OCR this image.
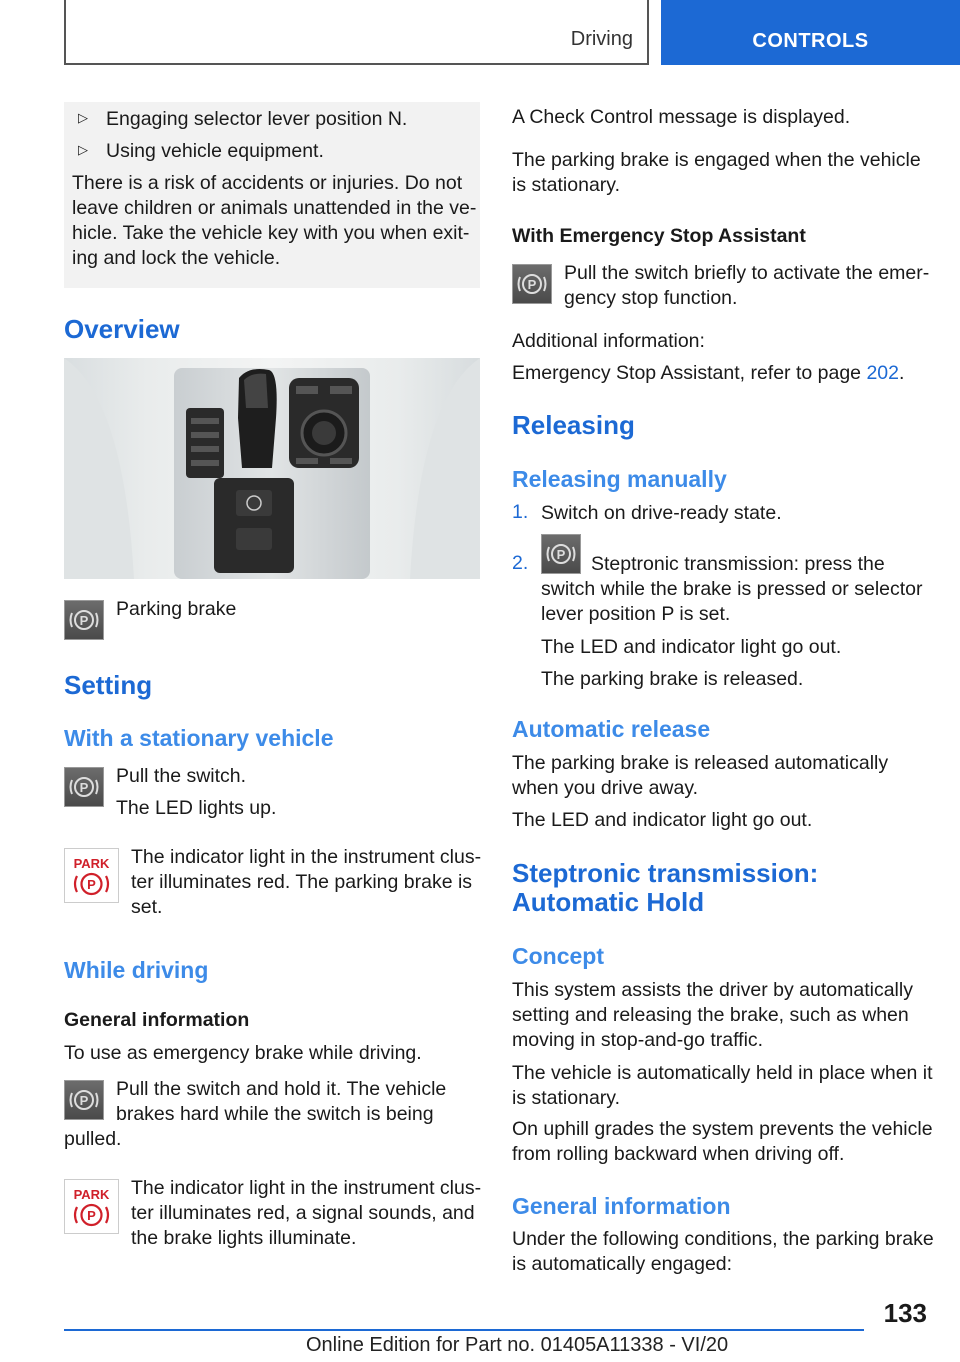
Driving	CONTROLS
▷ Engaging selector lever position N.
▷ Using vehicle equipment.
There is a risk of accidents or injuries. Do not
leave children or animals unattended in the ve-
hicle. Take the vehicle key with you when exit-
ing and lock the vehicle.
Overview
P
Parking brake
Setting
With a stationary vehicle
P
Pull the switch.
The LED lights up.
PARK
P
The indicator light in the instrument clus-
ter illuminates red. The parking brake is
set.
While driving
General information
To use as emergency brake while driving.
P
Pull the switch and hold it. The vehicle
brakes hard while the switch is being
pulled.
PARK
P
The indicator light in the instrument clus-
ter illuminates red, a signal sounds, and
the brake lights illuminate.
A Check Control message is displayed.
The parking brake is engaged when the vehicle
is stationary.
With Emergency Stop Assistant
P
Pull the switch briefly to activate the emer-
gency stop function.
Additional information:
Emergency Stop Assistant, refer to page 202.
Releasing
Releasing manually
1. Switch on drive-ready state.
2. P Steptronic transmission: press the
switch while the brake is pressed or selector
lever position P is set.
The LED and indicator light go out.
The parking brake is released.
Automatic release
The parking brake is released automatically
when you drive away.
The LED and indicator light go out.
Steptronic transmission:
Automatic Hold
Concept
This system assists the driver by automatically
setting and releasing the brake, such as when
moving in stop-and-go traffic.
The vehicle is automatically held in place when it
is stationary.
On uphill grades the system prevents the vehicle
from rolling backward when driving off.
General information
Under the following conditions, the parking brake
is automatically engaged:
133
Online Edition for Part no. 01405A11338 - VI/20
